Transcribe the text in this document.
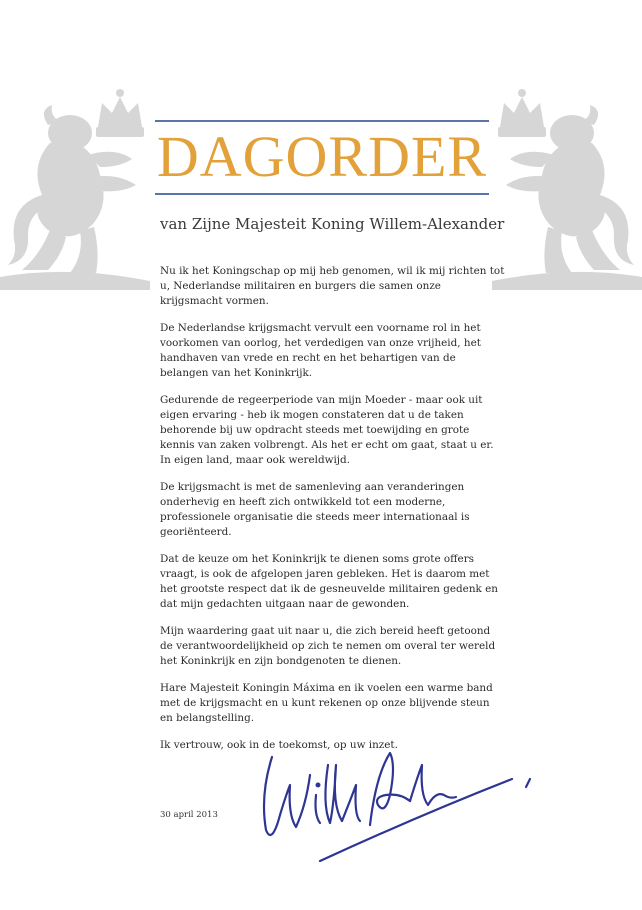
DAGORDER
van Zijne Majesteit Koning Willem-Alexander

Nu ik het Koningschap op mij heb genomen, wil ik mij richten tot u, Nederlandse militairen en burgers die samen onze krijgsmacht vormen.

De Nederlandse krijgsmacht vervult een voorname rol in het voorkomen van oorlog, het verdedigen van onze vrijheid, het handhaven van vrede en recht en het behartigen van de belangen van het Koninkrijk.

Gedurende de regeerperiode van mijn Moeder - maar ook uit eigen ervaring - heb ik mogen constateren dat u de taken behorende bij uw opdracht steeds met toewijding en grote kennis van zaken volbrengt. Als het er echt om gaat, staat u er. In eigen land, maar ook wereldwijd.

De krijgsmacht is met de samenleving aan veranderingen onderhevig en heeft zich ontwikkeld tot een moderne, professionele organisatie die steeds meer internationaal is georiënteerd.

Dat de keuze om het Koninkrijk te dienen soms grote offers vraagt, is ook de afgelopen jaren gebleken. Het is daarom met het grootste respect dat ik de gesneuvelde militairen gedenk en dat mijn gedachten uitgaan naar de gewonden.

Mijn waardering gaat uit naar u, die zich bereid heeft getoond de verantwoordelijkheid op zich te nemen om overal ter wereld het Koninkrijk en zijn bondgenoten te dienen.

Hare Majesteit Koningin Máxima en ik voelen een warme band met de krijgsmacht en u kunt rekenen op onze blijvende steun en belangstelling.

Ik vertrouw, ook in de toekomst, op uw inzet.

30 april 2013
